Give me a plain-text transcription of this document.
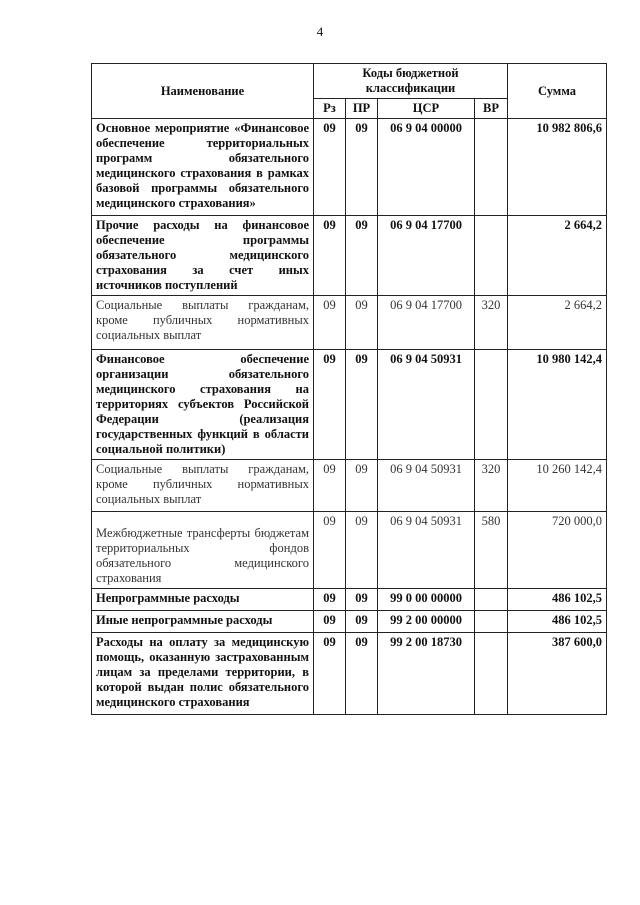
4
Наименование	Коды бюджетной классификации				Сумма
	Рз	ПР	ЦСР	ВР	
Основное мероприятие «Финансовое обеспечение территориальных программ обязательного медицинского страхования в рамках базовой программы обязательного медицинского страхования»	09	09	06 9 04 00000		10 982 806,6
Прочие расходы на финансовое обеспечение программы обязательного медицинского страхования за счет иных источников поступлений	09	09	06 9 04 17700		2 664,2
Социальные выплаты гражданам, кроме публичных нормативных социальных выплат	09	09	06 9 04 17700	320	2 664,2
Финансовое обеспечение организации обязательного медицинского страхования на территориях субъектов Российской Федерации (реализация государственных функций в области социальной политики)	09	09	06 9 04 50931		10 980 142,4
Социальные выплаты гражданам, кроме публичных нормативных социальных выплат	09	09	06 9 04 50931	320	10 260 142,4
Межбюджетные трансферты бюджетам территориальных фондов обязательного медицинского страхования	09	09	06 9 04 50931	580	720 000,0
Непрограммные расходы	09	09	99 0 00 00000		486 102,5
Иные непрограммные расходы	09	09	99 2 00 00000		486 102,5
Расходы на оплату за медицинскую помощь, оказанную застрахованным лицам за пределами территории, в которой выдан полис обязательного медицинского страхования	09	09	99 2 00 18730		387 600,0
